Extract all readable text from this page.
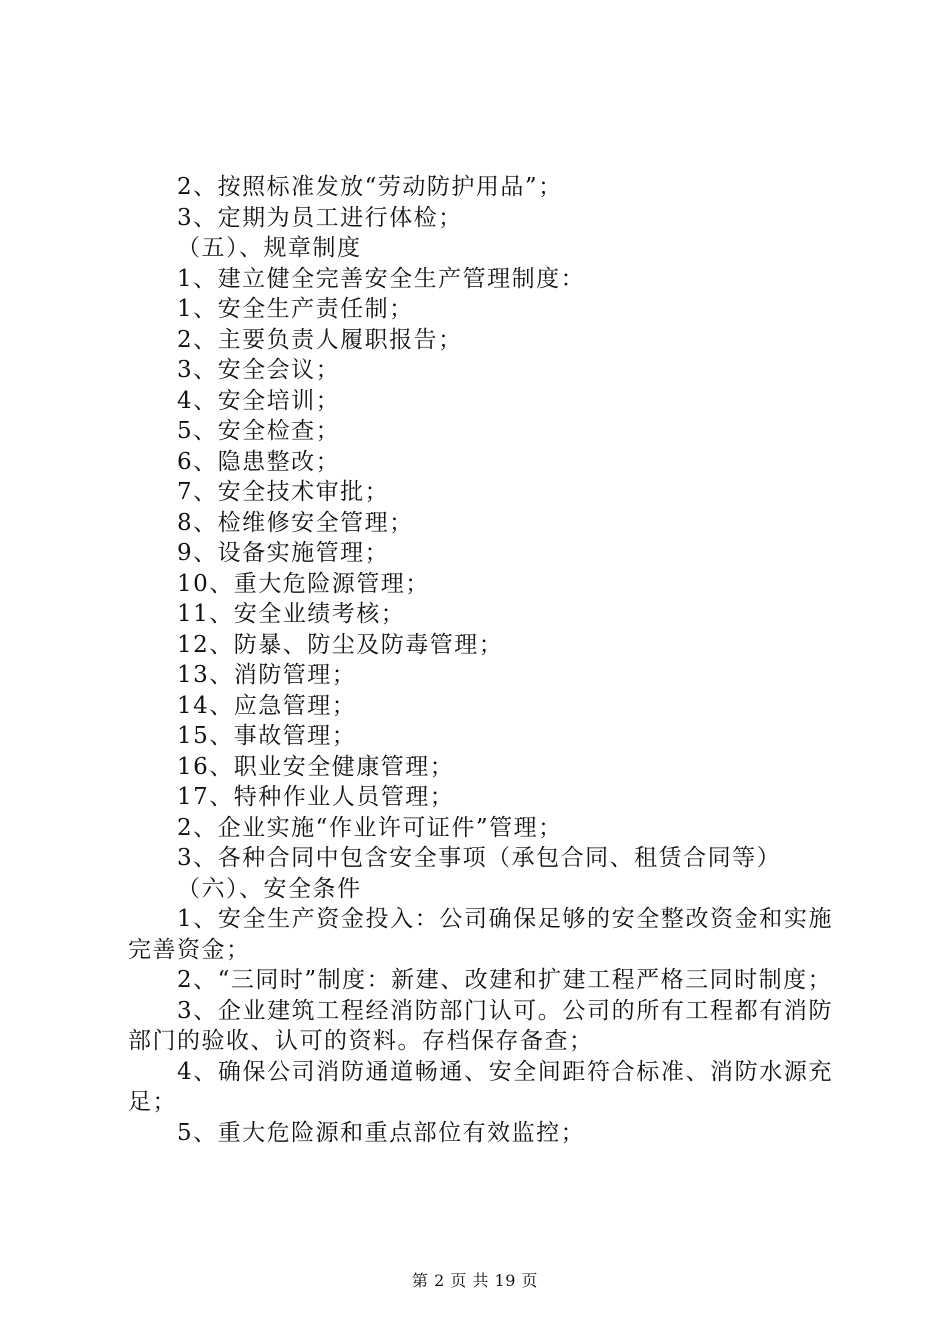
2、按照标准发放“劳动防护用品”；

3、定期为员工进行体检；

（五）、规章制度

1、建立健全完善安全生产管理制度：

1、安全生产责任制；

2、主要负责人履职报告；

3、安全会议；

4、安全培训；

5、安全检查；

6、隐患整改；

7、安全技术审批；

8、检维修安全管理；

9、设备实施管理；

10、重大危险源管理；

11、安全业绩考核；

12、防暴、防尘及防毒管理；

13、消防管理；

14、应急管理；

15、事故管理；

16、职业安全健康管理；

17、特种作业人员管理；

2、企业实施“作业许可证件”管理；

3、各种合同中包含安全事项（承包合同、租赁合同等）

（六）、安全条件

1、安全生产资金投入：公司确保足够的安全整改资金和实施完善资金；

2、“三同时”制度：新建、改建和扩建工程严格三同时制度；

3、企业建筑工程经消防部门认可。公司的所有工程都有消防部门的验收、认可的资料。存档保存备查；

4、确保公司消防通道畅通、安全间距符合标准、消防水源充足；

5、重大危险源和重点部位有效监控；

第 2 页 共 19 页
